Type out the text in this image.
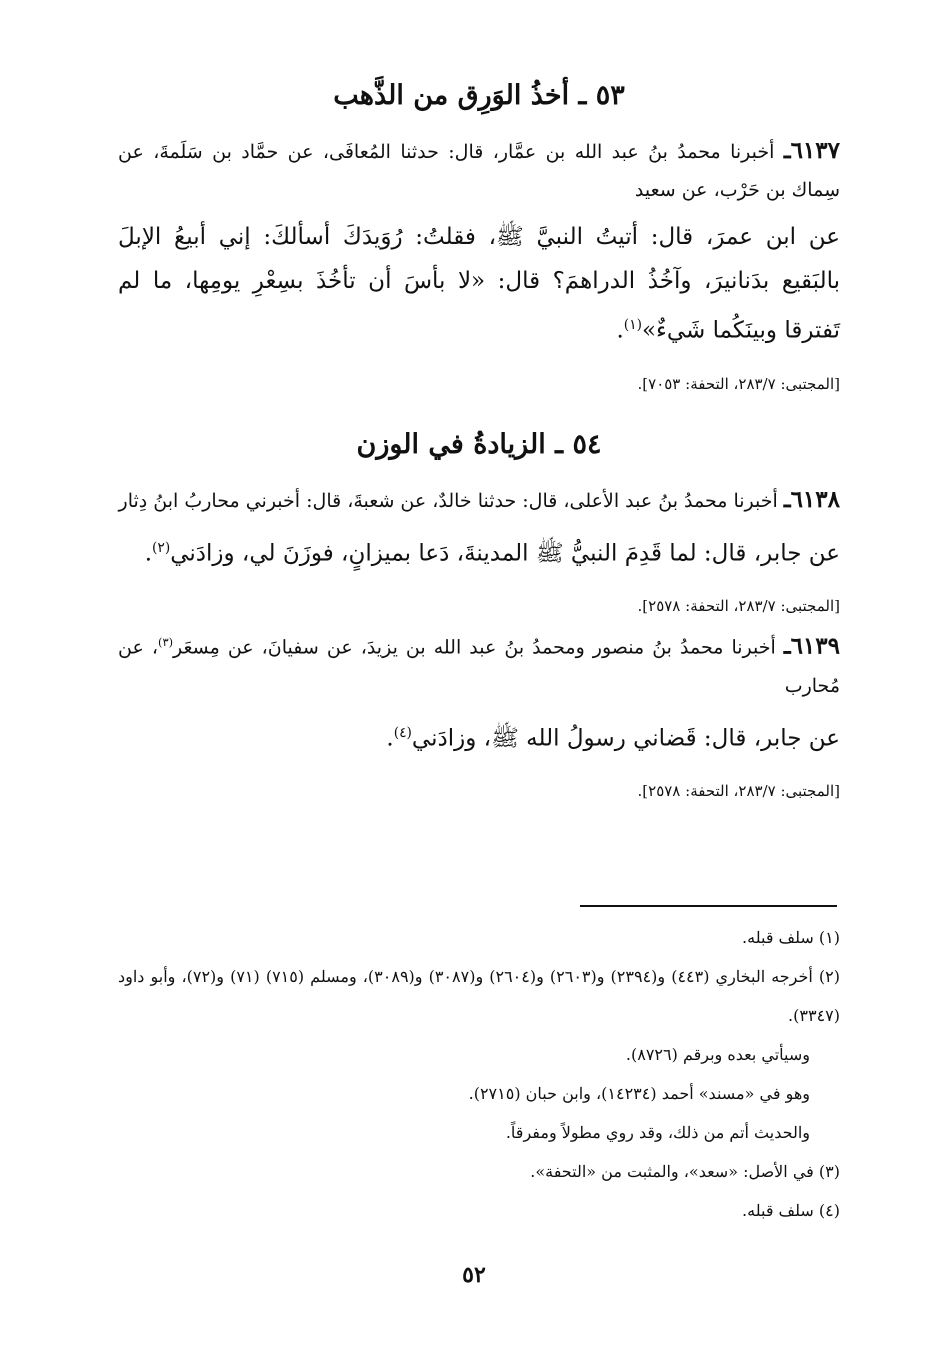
٥٣ ـ أخذُ الوَرِق من الذَّهب

٦١٣٧ـ أخبرنا محمدُ بنُ عبد الله بن عمَّار، قال: حدثنا المُعافَى، عن حمَّاد بن سَلَمةَ، عن سِماك بن حَرْب، عن سعيد

عن ابن عمرَ، قال: أتيتُ النبيَّ ﷺ، فقلتُ: رُوَيدَكَ أسألكَ: إني أبيعُ الإبلَ بالبَقيع بدَنانيرَ، وآخُذُ الدراهمَ؟ قال: «لا بأسَ أن تأخُذَ بسِعْرِ يومِها، ما لم تَفترقا وبينَكُما شَيءٌ»$^{(١)}$.

[المجتبى: ٢٨٣/٧، التحفة: ٧٠٥٣].

٥٤ ـ الزيادةُ في الوزن

٦١٣٨ـ أخبرنا محمدُ بنُ عبد الأعلى، قال: حدثنا خالدٌ، عن شعبةَ، قال: أخبرني محاربُ ابنُ دِثار

عن جابر، قال: لما قَدِمَ النبيُّ ﷺ المدينةَ، دَعا بميزانٍ، فوزَنَ لي، وزادَني$^{(٢)}$.

[المجتبى: ٢٨٣/٧، التحفة: ٢٥٧٨].

٦١٣٩ـ أخبرنا محمدُ بنُ منصور ومحمدُ بنُ عبد الله بن يزيدَ، عن سفيانَ، عن مِسعَر$^{(٣)}$، عن مُحارب

عن جابر، قال: قَضاني رسولُ الله ﷺ، وزادَني$^{(٤)}$.

[المجتبى: ٢٨٣/٧، التحفة: ٢٥٧٨].

(١) سلف قبله.

(٢) أخرجه البخاري (٤٤٣) و(٢٣٩٤) و(٢٦٠٣) و(٢٦٠٤) و(٣٠٨٧) و(٣٠٨٩)، ومسلم (٧١٥) (٧١) و(٧٢)، وأبو داود (٣٣٤٧).

وسيأتي بعده وبرقم (٨٧٢٦).

وهو في «مسند» أحمد (١٤٢٣٤)، وابن حبان (٢٧١٥).

والحديث أتم من ذلك، وقد روي مطولاً ومفرقاً.

(٣) في الأصل: «سعد»، والمثبت من «التحفة».

(٤) سلف قبله.

٥٢
